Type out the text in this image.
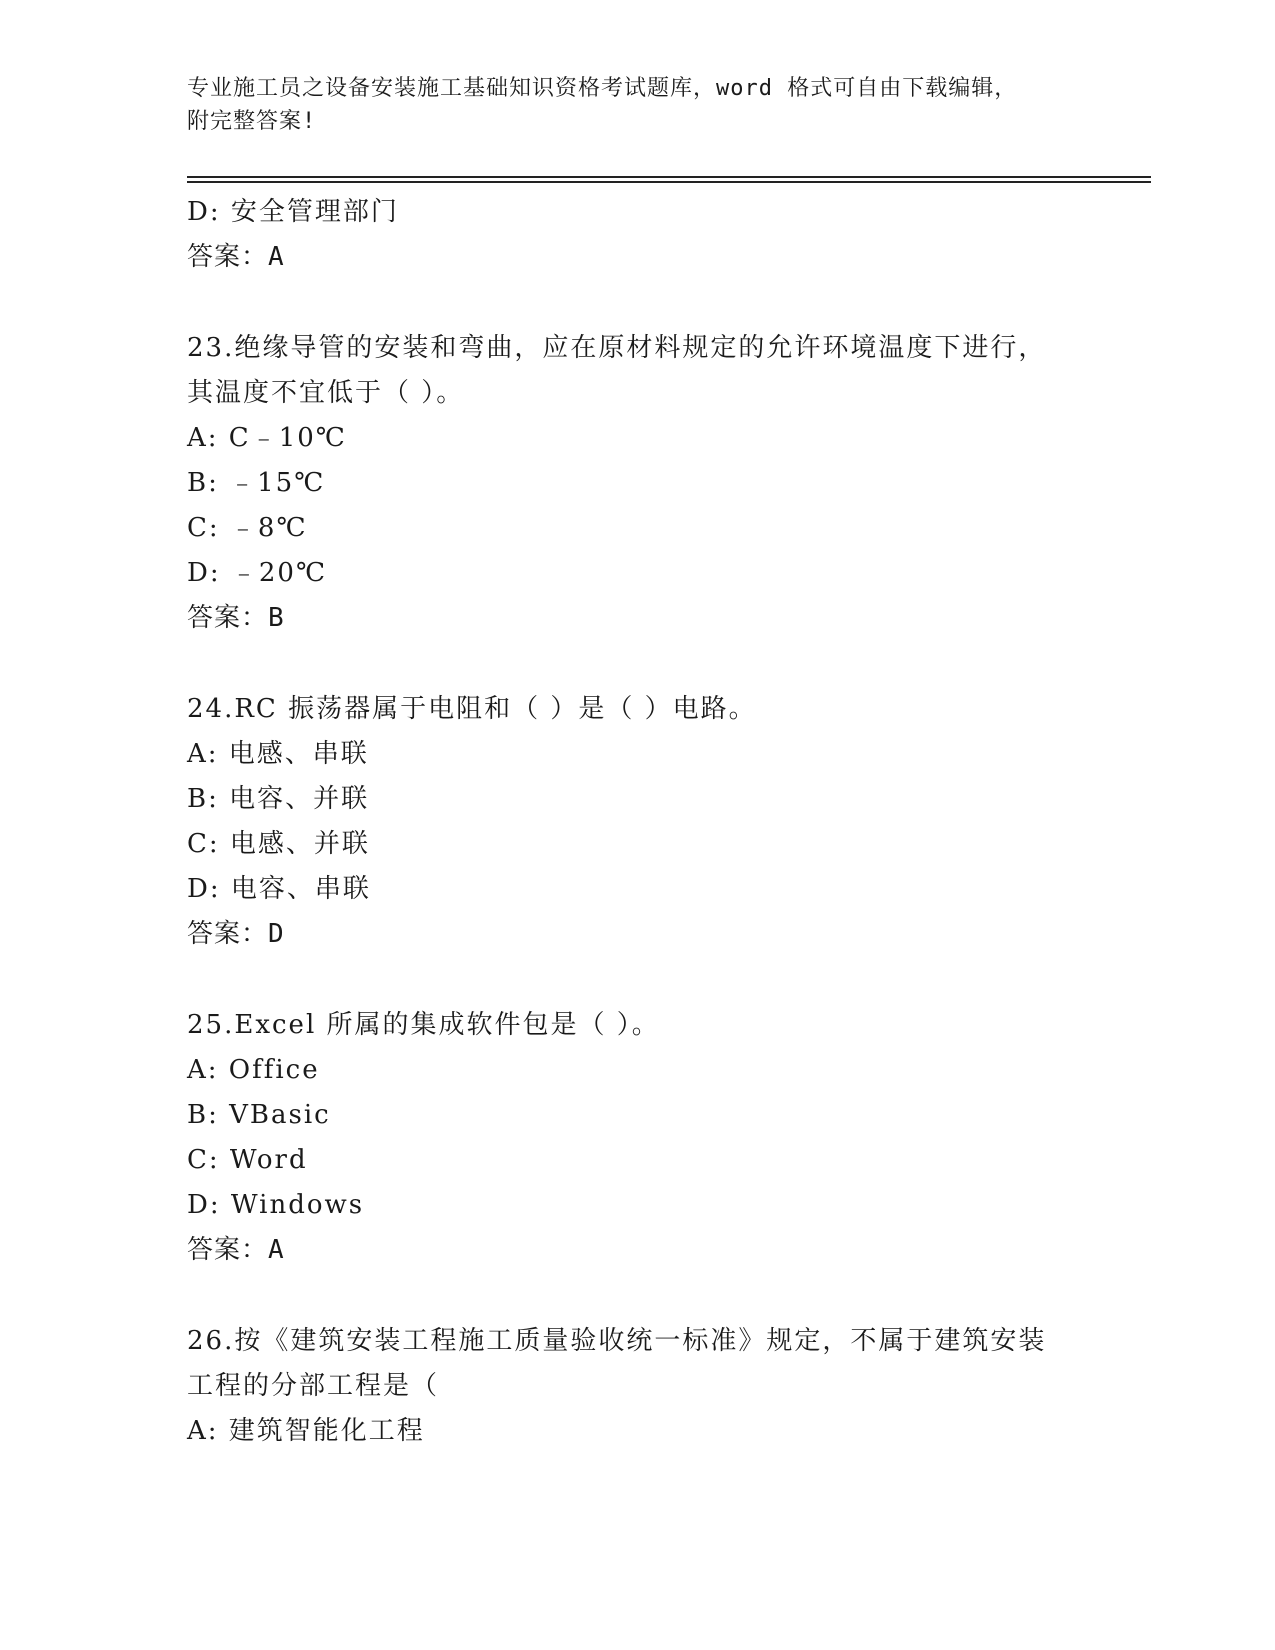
专业施工员之设备安装施工基础知识资格考试题库，word 格式可自由下载编辑，
附完整答案!
D: 安全管理部门
答案：A
23.绝缘导管的安装和弯曲，应在原材料规定的允许环境温度下进行，
其温度不宜低于（ ）。
A: C﹣10℃
B: ﹣15℃
C: ﹣8℃
D: ﹣20℃
答案：B
24.RC 振荡器属于电阻和（ ）是（ ）电路。
A: 电感、串联
B: 电容、并联
C: 电感、并联
D: 电容、串联
答案：D
25.Excel 所属的集成软件包是（ ）。
A: Office
B: VBasic
C: Word
D: Windows
答案：A
26.按《建筑安装工程施工质量验收统一标准》规定，不属于建筑安装
工程的分部工程是（
A: 建筑智能化工程
